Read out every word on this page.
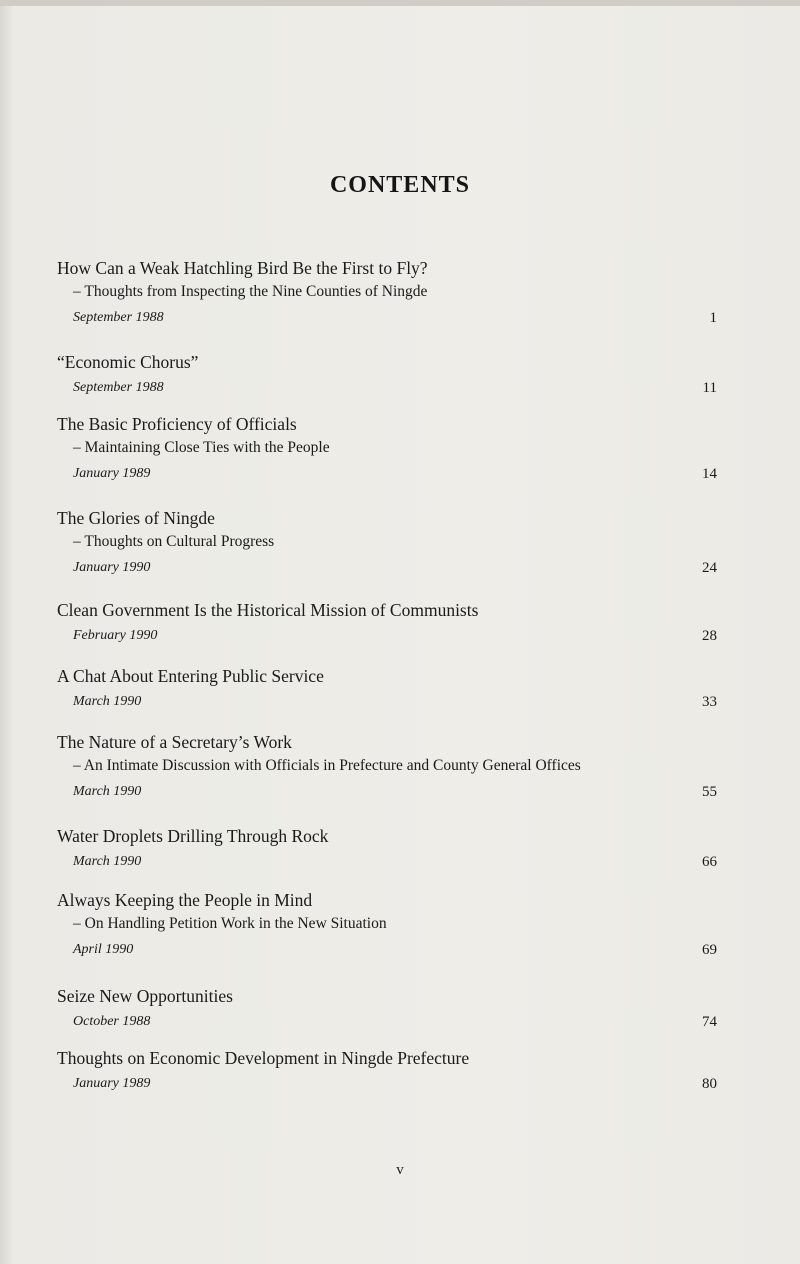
CONTENTS
How Can a Weak Hatchling Bird Be the First to Fly?
– Thoughts from Inspecting the Nine Counties of Ningde
September 1988	1
“Economic Chorus”
September 1988	11
The Basic Proficiency of Officials
– Maintaining Close Ties with the People
January 1989	14
The Glories of Ningde
– Thoughts on Cultural Progress
January 1990	24
Clean Government Is the Historical Mission of Communists
February 1990	28
A Chat About Entering Public Service
March 1990	33
The Nature of a Secretary’s Work
– An Intimate Discussion with Officials in Prefecture and County General Offices
March 1990	55
Water Droplets Drilling Through Rock
March 1990	66
Always Keeping the People in Mind
– On Handling Petition Work in the New Situation
April 1990	69
Seize New Opportunities
October 1988	74
Thoughts on Economic Development in Ningde Prefecture
January 1989	80
v
